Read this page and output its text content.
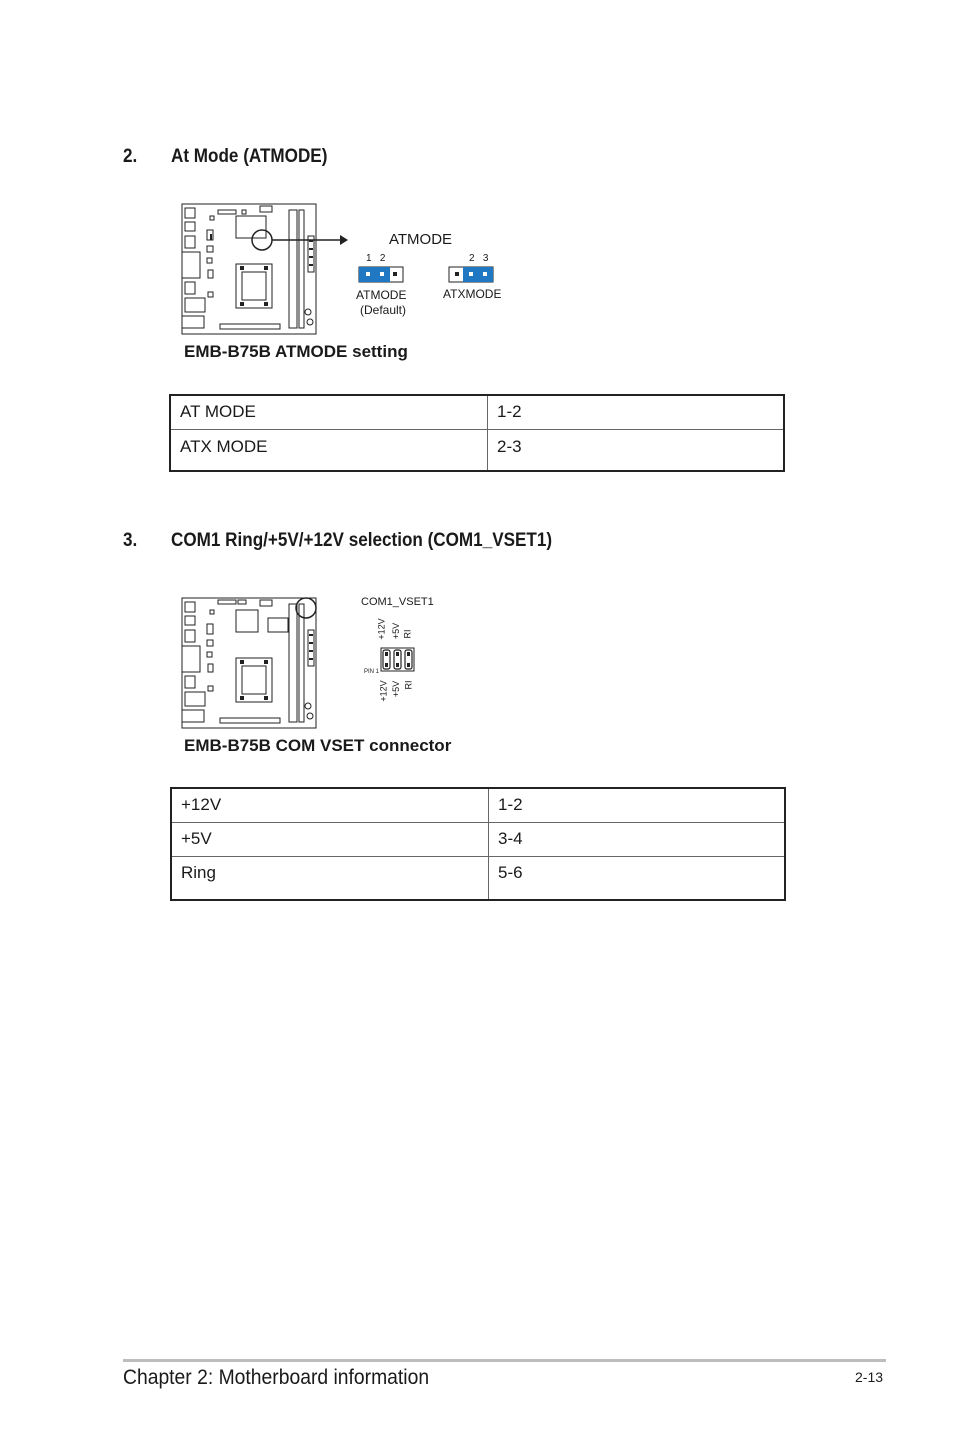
2. At Mode (ATMODE)
ATMODE
1   2	2   3
ATMODE
(Default)
ATXMODE
EMB-B75B ATMODE setting
AT MODE	1-2
ATX MODE	2-3
3. COM1 Ring/+5V/+12V selection (COM1_VSET1)
COM1_VSET1
+12V +5V RI
PIN 1
+12V +5V RI
EMB-B75B COM VSET connector
+12V	1-2
+5V	3-4
Ring	5-6
Chapter 2: Motherboard information	2-13
